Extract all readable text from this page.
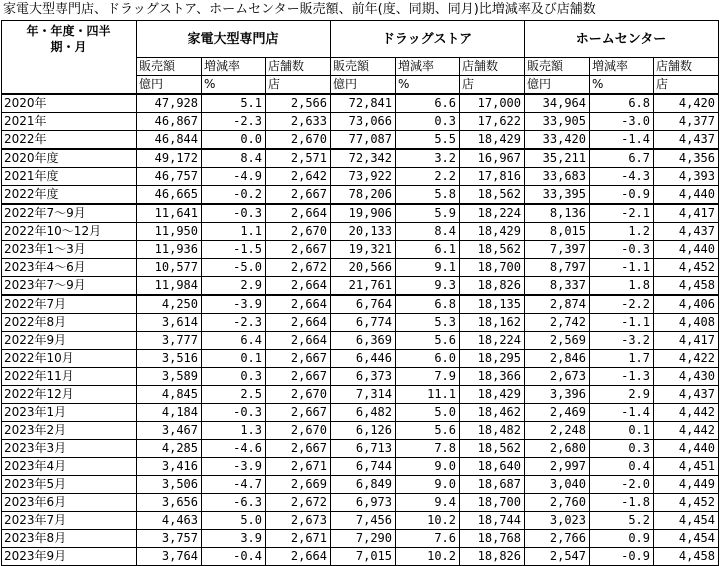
家電大型専門店、ドラッグストア、ホームセンター販売額、前年(度、同期、同月)比増減率及び店舗数
年・年度・四半
期・月	家電大型専門店			ドラッグストア			ホームセンター		
	販売額	増減率	店舗数	販売額	増減率	店舗数	販売額	増減率	店舗数
	億円	%	店	億円	%	店	億円	%	店
2020年	47,928	5.1	2,566	72,841	6.6	17,000	34,964	6.8	4,420
2021年	46,867	-2.3	2,633	73,066	0.3	17,622	33,905	-3.0	4,377
2022年	46,844	0.0	2,670	77,087	5.5	18,429	33,420	-1.4	4,437
2020年度	49,172	8.4	2,571	72,342	3.2	16,967	35,211	6.7	4,356
2021年度	46,757	-4.9	2,642	73,922	2.2	17,816	33,683	-4.3	4,393
2022年度	46,665	-0.2	2,667	78,206	5.8	18,562	33,395	-0.9	4,440
2022年7～9月	11,641	-0.3	2,664	19,906	5.9	18,224	8,136	-2.1	4,417
2022年10～12月	11,950	1.1	2,670	20,133	8.4	18,429	8,015	1.2	4,437
2023年1～3月	11,936	-1.5	2,667	19,321	6.1	18,562	7,397	-0.3	4,440
2023年4～6月	10,577	-5.0	2,672	20,566	9.1	18,700	8,797	-1.1	4,452
2023年7～9月	11,984	2.9	2,664	21,761	9.3	18,826	8,337	1.8	4,458
2022年7月	4,250	-3.9	2,664	6,764	6.8	18,135	2,874	-2.2	4,406
2022年8月	3,614	-2.3	2,664	6,774	5.3	18,162	2,742	-1.1	4,408
2022年9月	3,777	6.4	2,664	6,369	5.6	18,224	2,569	-3.2	4,417
2022年10月	3,516	0.1	2,667	6,446	6.0	18,295	2,846	1.7	4,422
2022年11月	3,589	0.3	2,667	6,373	7.9	18,366	2,673	-1.3	4,430
2022年12月	4,845	2.5	2,670	7,314	11.1	18,429	3,396	2.9	4,437
2023年1月	4,184	-0.3	2,667	6,482	5.0	18,462	2,469	-1.4	4,442
2023年2月	3,467	1.3	2,670	6,126	5.6	18,482	2,248	0.1	4,442
2023年3月	4,285	-4.6	2,667	6,713	7.8	18,562	2,680	0.3	4,440
2023年4月	3,416	-3.9	2,671	6,744	9.0	18,640	2,997	0.4	4,451
2023年5月	3,506	-4.7	2,669	6,849	9.0	18,687	3,040	-2.0	4,449
2023年6月	3,656	-6.3	2,672	6,973	9.4	18,700	2,760	-1.8	4,452
2023年7月	4,463	5.0	2,673	7,456	10.2	18,744	3,023	5.2	4,454
2023年8月	3,757	3.9	2,671	7,290	7.6	18,768	2,766	0.9	4,454
2023年9月	3,764	-0.4	2,664	7,015	10.2	18,826	2,547	-0.9	4,458
